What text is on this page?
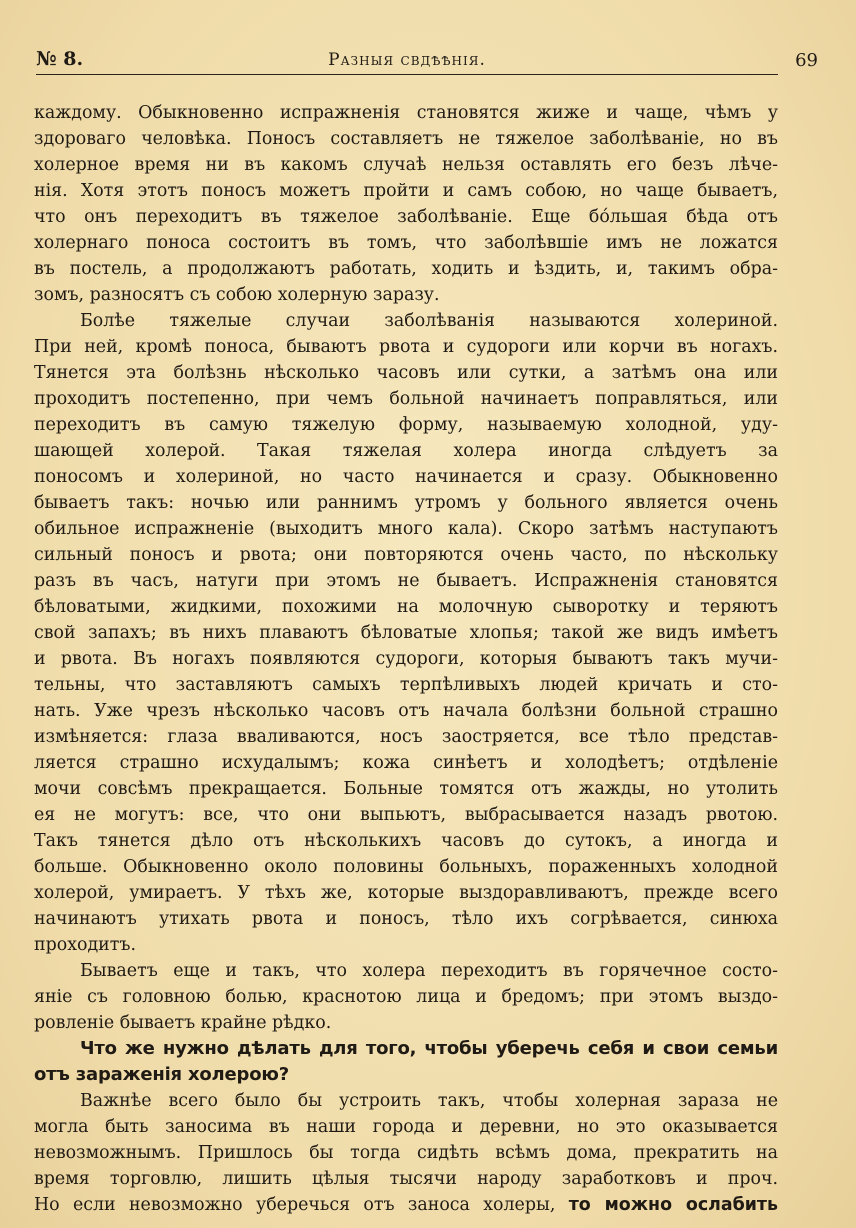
№ 8.	Разныя свдѣѣнія.	69
каждому. Обыкновенно испражненія становятся жиже и чаще, чѣмъ у
здороваго человѣка. Поносъ составляетъ не тяжелое заболѣваніе, но въ
холерное время ни въ какомъ случаѣ нельзя оставлять его безъ лѣче-
нія. Хотя этотъ поносъ можетъ пройти и самъ собою, но чаще бываетъ,
что онъ переходитъ въ тяжелое заболѣваніе. Еще бóльшая бѣда отъ
холернаго поноса состоитъ въ томъ, что заболѣвшіе имъ не ложатся
въ постель, а продолжаютъ работать, ходить и ѣздить, и, такимъ обра-
зомъ, разносятъ съ собою холерную заразу.
Болѣе тяжелые случаи заболѣванія называются холериной.
При ней, кромѣ поноса, бываютъ рвота и судороги или корчи въ ногахъ.
Тянется эта болѣзнь нѣсколько часовъ или сутки, а затѣмъ она или
проходитъ постепенно, при чемъ больной начинаетъ поправляться, или
переходитъ въ самую тяжелую форму, называемую холодной, уду-
шающей холерой. Такая тяжелая холера иногда слѣдуетъ за
поносомъ и холериной, но часто начинается и сразу. Обыкновенно
бываетъ такъ: ночью или раннимъ утромъ у больного является очень
обильное испражненіе (выходитъ много кала). Скоро затѣмъ наступаютъ
сильный поносъ и рвота; они повторяются очень часто, по нѣскольку
разъ въ часъ, натуги при этомъ не бываетъ. Испражненія становятся
бѣловатыми, жидкими, похожими на молочную сыворотку и теряютъ
свой запахъ; въ нихъ плаваютъ бѣловатые хлопья; такой же видъ имѣетъ
и рвота. Въ ногахъ появляются судороги, которыя бываютъ такъ мучи-
тельны, что заставляютъ самыхъ терпѣливыхъ людей кричать и сто-
нать. Уже чрезъ нѣсколько часовъ отъ начала болѣзни больной страшно
измѣняется: глаза вваливаются, носъ заостряется, все тѣло представ-
ляется страшно исхудалымъ; кожа синѣетъ и холодѣетъ; отдѣленіе
мочи совсѣмъ прекращается. Больные томятся отъ жажды, но утолить
ея не могутъ: все, что они выпьютъ, выбрасывается назадъ рвотою.
Такъ тянется дѣло отъ нѣсколькихъ часовъ до сутокъ, а иногда и
больше. Обыкновенно около половины больныхъ, пораженныхъ холодной
холерой, умираетъ. У тѣхъ же, которые выздоравливаютъ, прежде всего
начинаютъ утихать рвота и поносъ, тѣло ихъ согрѣвается, синюха
проходитъ.
Бываетъ еще и такъ, что холера переходитъ въ горячечное состо-
яніе съ головною болью, краснотою лица и бредомъ; при этомъ выздо-
ровленіе бываетъ крайне рѣдко.
Что же нужно дѣлать для того, чтобы уберечь себя и свои семьи
отъ зараженія холерою?
Важнѣе всего было бы устроить такъ, чтобы холерная зараза не
могла быть заносима въ наши города и деревни, но это оказывается
невозможнымъ. Пришлось бы тогда сидѣть всѣмъ дома, прекратить на
время торговлю, лишить цѣлыя тысячи народу заработковъ и проч.
Но если невозможно уберечься отъ заноса холеры, то можно ослабить
